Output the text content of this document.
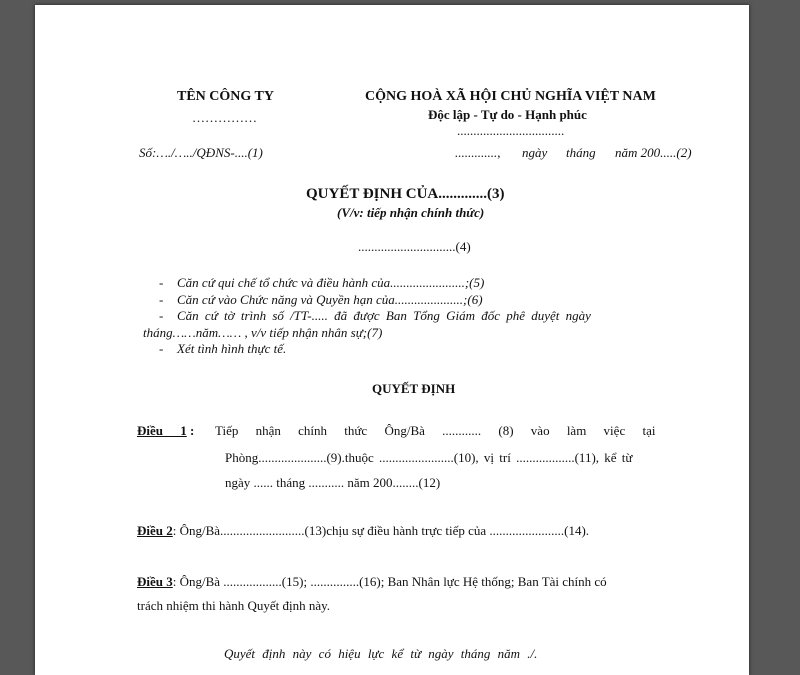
TÊN CÔNG TY
……………
CỘNG HOÀ XÃ HỘI CHỦ NGHĨA VIỆT NAM
Độc lập - Tự do - Hạnh phúc
.................................
Số:…./…../QĐNS-....(1)	............., ngày tháng năm 200.....(2)
QUYẾT ĐỊNH CỦA.............(3)
(V/v: tiếp nhận chính thức)
..............................(4)
- Căn cứ qui chế tổ chức và điều hành của.......................;(5)
- Căn cứ vào Chức năng và Quyền hạn của.....................;(6)
- Căn cứ tờ trình số /TT-..... đã được Ban Tổng Giám đốc phê duyệt ngày
tháng……năm…… , v/v tiếp nhận nhân sự;(7)
- Xét tình hình thực tế.
QUYẾT ĐỊNH
Điều 1 : Tiếp nhận chính thức Ông/Bà ............ (8) vào làm việc tại
Phòng.....................(9).thuộc .......................(10), vị trí ..................(11), kể từ
ngày ...... tháng ........... năm 200........(12)
Điều 2: Ông/Bà..........................(13)chịu sự điều hành trực tiếp của .......................(14).
Điều 3: Ông/Bà ..................(15); ...............(16); Ban Nhân lực Hệ thống; Ban Tài chính có
trách nhiệm thi hành Quyết định này.
Quyết định này có hiệu lực kể từ ngày tháng năm ./.
